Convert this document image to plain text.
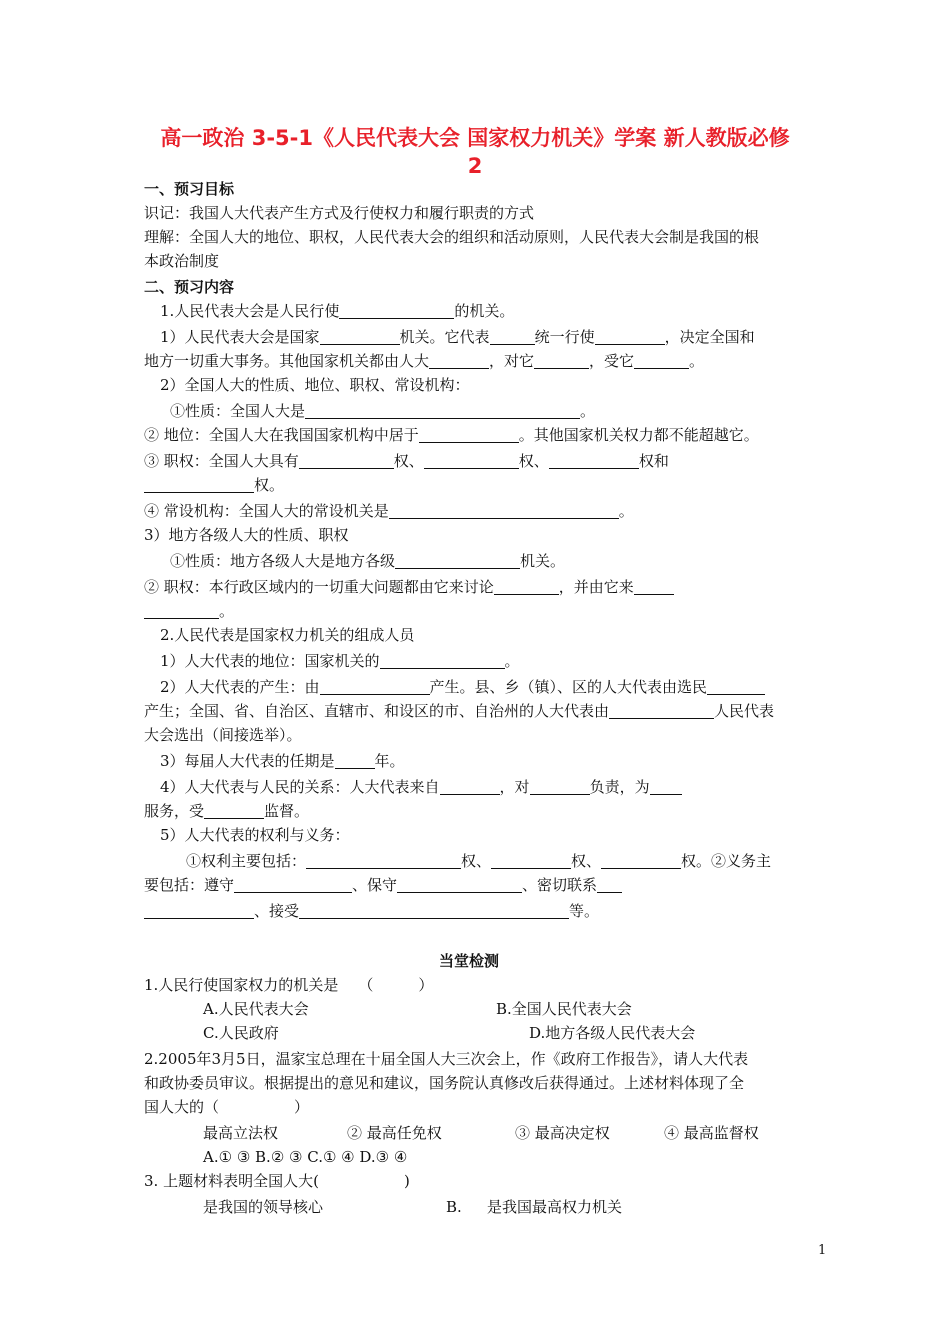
高一政治 3-5-1《人民代表大会 国家权力机关》学案 新人教版必修
2
一、预习目标
识记：我国人大代表产生方式及行使权力和履行职责的方式
理解：全国人大的地位、职权，人民代表大会的组织和活动原则，人民代表大会制是我国的根
本政治制度
二、预习内容
1.人民代表大会是人民行使	的机关。
1）人民代表大会是国家	机关。它代表	统一行使	，决定全国和
地方一切重大事务。其他国家机关都由人大	，对它	，受它	。
2）全国人大的性质、地位、职权、常设机构：
①性质：全国人大是	。
② 地位：全国人大在我国国家机构中居于	。其他国家机关权力都不能超越它。
③ 职权：全国人大具有	权、	权、	权和
权。
④ 常设机构：全国人大的常设机关是	。
3）地方各级人大的性质、职权
①性质：地方各级人大是地方各级	机关。
② 职权：本行政区域内的一切重大问题都由它来讨论	，并由它来
。
2.人民代表是国家权力机关的组成人员
1）人大代表的地位：国家机关的	。
2）人大代表的产生：由	产生。县、乡（镇）、区的人大代表由选民
产生；全国、省、自治区、直辖市、和设区的市、自治州的人大代表由	人民代表
大会选出（间接选举）。
3）每届人大代表的任期是	年。
4）人大代表与人民的关系：人大代表来自	，对	负责，为
服务，受	监督。
5）人大代表的权利与义务：
①权利主要包括：	权、	权、	权。②义务主
要包括：遵守	、保守	、密切联系
、接受	等。
当堂检测
1.人民行使国家权力的机关是 （　　　）
A.人民代表大会	B.全国人民代表大会
C.人民政府	D.地方各级人民代表大会
2.2005年3月5日，温家宝总理在十届全国人大三次会上，作《政府工作报告》，请人大代表
和政协委员审议。根据提出的意见和建议，国务院认真修改后获得通过。上述材料体现了全
国人大的（　　　　　）
最高立法权	② 最高任免权	③ 最高决定权	④ 最高监督权
A.① ③ B.② ③ C.① ④ D.③ ④
3. 上题材料表明全国人大(	)
是我国的领导核心	B. 是我国最高权力机关
1
